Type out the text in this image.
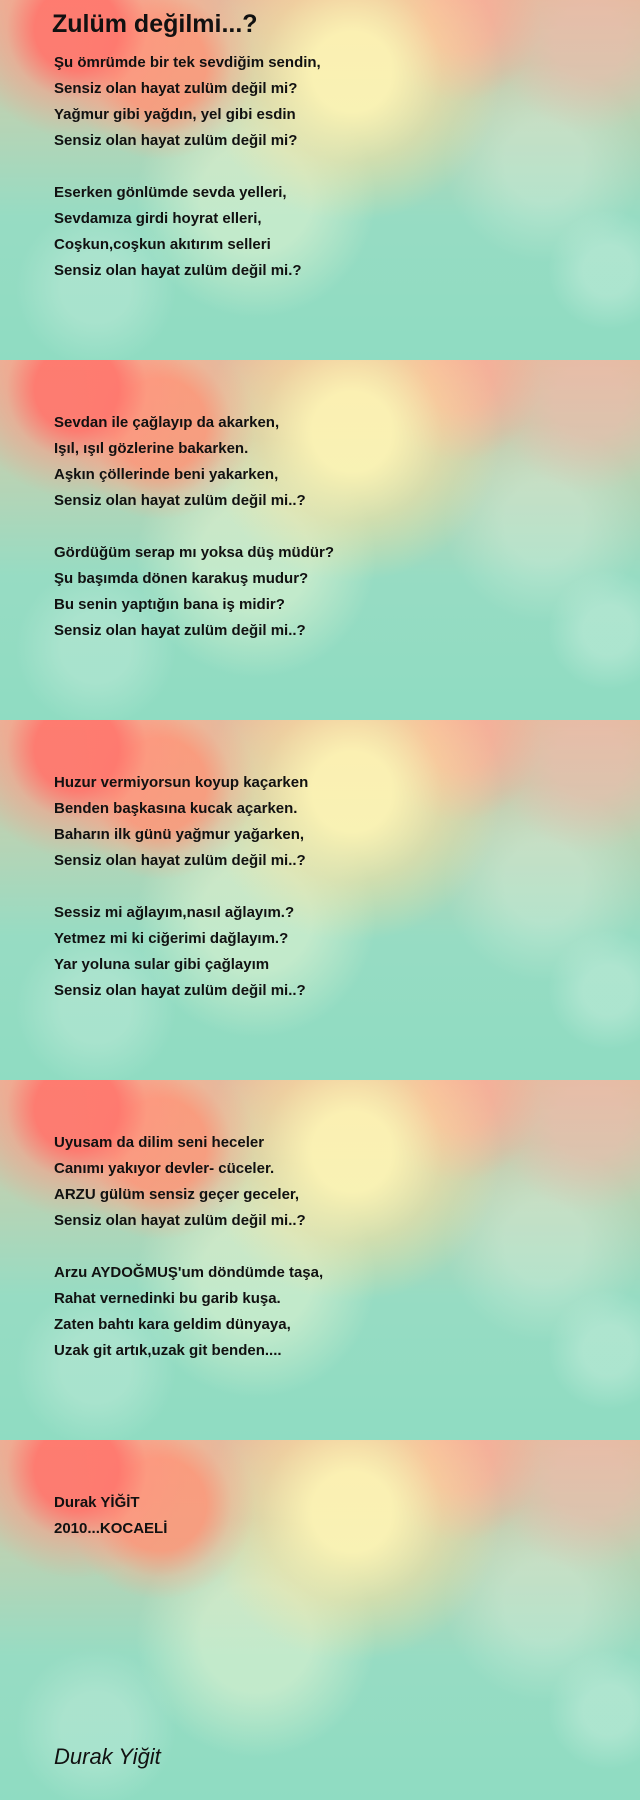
Zulüm değilmi...?
Şu ömrümde bir tek sevdiğim sendin,
Sensiz olan hayat zulüm değil mi?
Yağmur gibi yağdın, yel gibi esdin
Sensiz olan hayat zulüm değil mi?
Eserken gönlümde sevda yelleri,
Sevdamıza girdi hoyrat elleri,
Coşkun,coşkun akıtırım selleri
Sensiz olan hayat zulüm değil mi.?
Sevdan ile çağlayıp da akarken,
Işıl, ışıl gözlerine bakarken.
Aşkın çöllerinde beni yakarken,
Sensiz olan hayat zulüm değil mi..?
Gördüğüm serap mı yoksa düş müdür?
Şu başımda dönen karakuş mudur?
Bu senin yaptığın bana iş midir?
Sensiz olan hayat zulüm değil mi..?
Huzur vermiyorsun koyup kaçarken
Benden başkasına kucak açarken.
Baharın ilk günü yağmur yağarken,
Sensiz olan hayat zulüm değil mi..?
Sessiz mi ağlayım,nasıl ağlayım.?
Yetmez mi ki ciğerimi dağlayım.?
Yar yoluna sular gibi çağlayım
Sensiz olan hayat zulüm değil mi..?
Uyusam da dilim seni heceler
Canımı yakıyor devler- cüceler.
ARZU gülüm sensiz geçer geceler,
Sensiz olan hayat zulüm değil mi..?
Arzu AYDOĞMUŞ'um döndümde taşa,
Rahat vernedinki bu garib kuşa.
Zaten bahtı kara geldim dünyaya,
Uzak git artık,uzak git benden....
Durak YİĞİT
2010...KOCAELİ

Durak Yiğit
